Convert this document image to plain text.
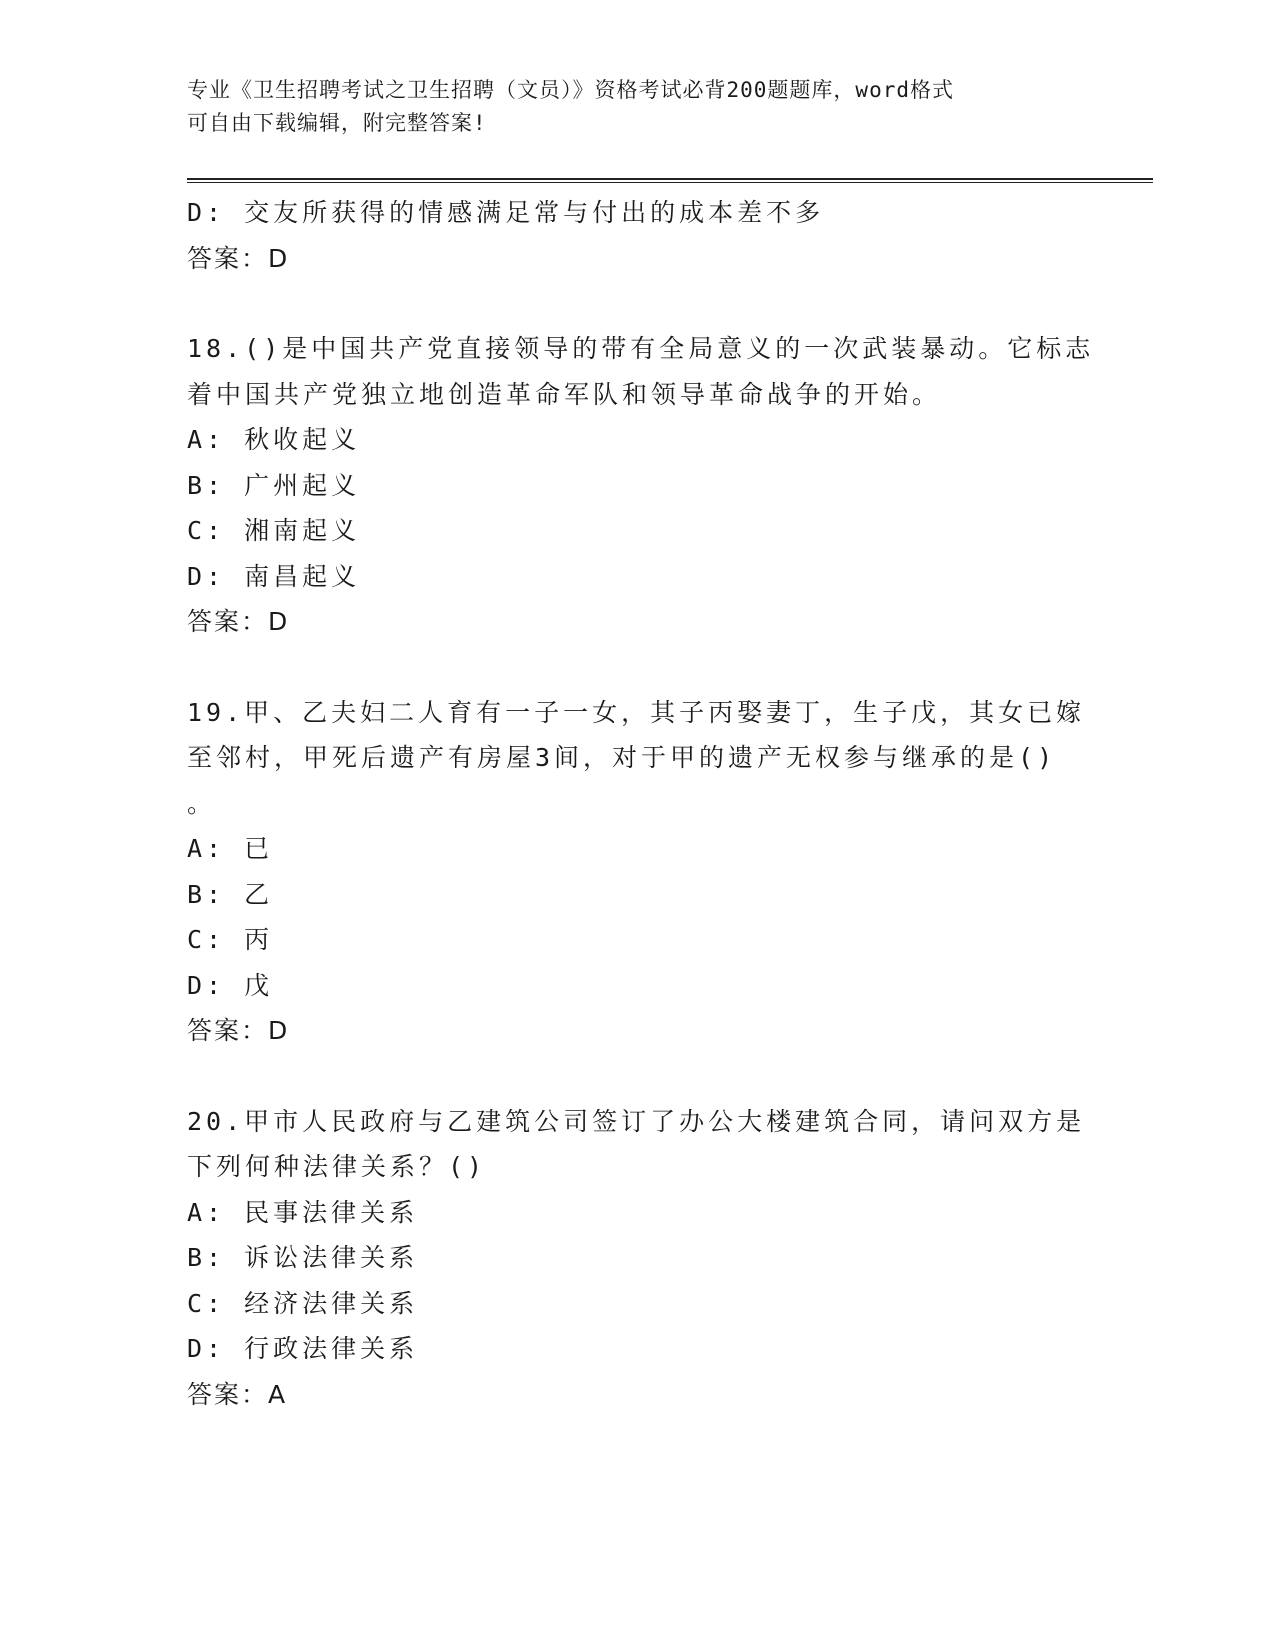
专业《卫生招聘考试之卫生招聘（文员）》资格考试必背200题题库，word格式
可自由下载编辑，附完整答案!
D: 交友所获得的情感满足常与付出的成本差不多
答案：D
18.()是中国共产党直接领导的带有全局意义的一次武装暴动。它标志
着中国共产党独立地创造革命军队和领导革命战争的开始。
A: 秋收起义
B: 广州起义
C: 湘南起义
D: 南昌起义
答案：D
19.甲、乙夫妇二人育有一子一女，其子丙娶妻丁，生子戊，其女已嫁
至邻村，甲死后遗产有房屋3间，对于甲的遗产无权参与继承的是()
。
A: 已
B: 乙
C: 丙
D: 戊
答案：D
20.甲市人民政府与乙建筑公司签订了办公大楼建筑合同，请问双方是
下列何种法律关系？()
A: 民事法律关系
B: 诉讼法律关系
C: 经济法律关系
D: 行政法律关系
答案：A
